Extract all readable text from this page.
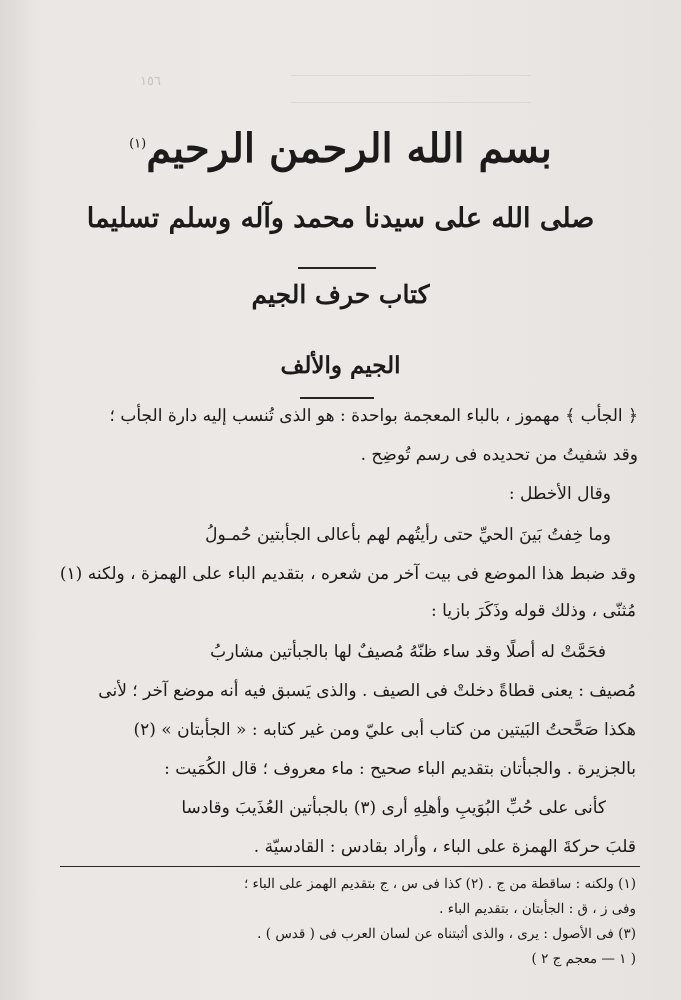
١٥٦
بسم الله الرحمن الرحيم$^{(١)}$
صلى الله على سيدنا محمد وآله وسلم تسليما
كتاب حرف الجيم
الجيم والألف
﴿ الجأب ﴾ مهموز ، بالباء المعجمة بواحدة : هو الذى تُنسب إليه دارة الجأب ؛
وقد شفيتُ من تحديده فى رسم تُوضِح .
وقال الأخطل :
وما خِفتُ بَينَ الحيِّ حتى رأيتُهم لهم بأعالى الجأبتين حُمـولُ
وقد ضبط هذا الموضع فى بيت آخر من شعره ، بتقديم الباء على الهمزة ، ولكنه (١)
مُثنّى ، وذلك قوله وذَكَرَ بازيا :
فحَمَّتْ له أصلًا وقد ساء ظنّهُ مُصيفٌ لها بالجبأتين مشاربُ
مُصيف : يعنى قطاةً دخلتْ فى الصيف . والذى يَسبق فيه أنه موضع آخر ؛ لأنى
هكذا صَحَّحتُ البَيتين من كتاب أبى عليّ ومن غير كتابه : « الجأبتان » (٢)
بالجزيرة . والجبأتان بتقديم الباء صحيح : ماء معروف ؛ قال الكُمَيت :
كأنى على حُبِّ البُوَيبِ وأهلِهِ أرى (٣) بالجبأتين العُذَيبَ وقادسا
قلبَ حركةَ الهمزة على الباء ، وأراد بقادس : القادسيّة .
(١) ولكنه : ساقطة من ج . (٢) كذا فى س ، ج بتقديم الهمز على الباء ؛
وفى ز ، ق : الجأبتان ، بتقديم الباء .
(٣) فى الأصول : يرى ، والذى أثبتناه عن لسان العرب فى ( قدس ) .
( ١ — معجم ج ٢ )
